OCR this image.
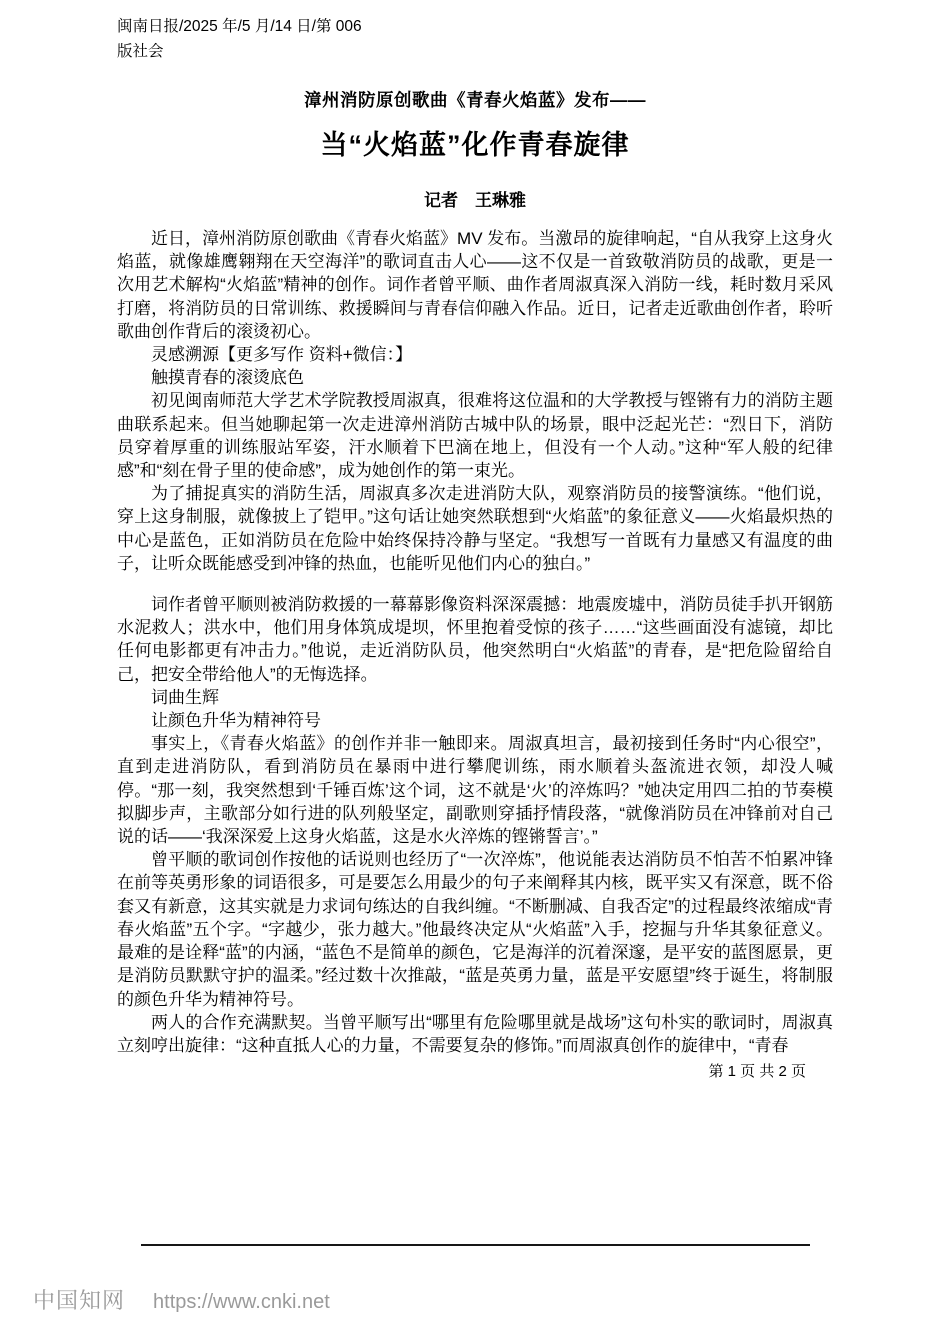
闽南日报/2025 年/5 月/14 日/第 006
版社会
漳州消防原创歌曲《青春火焰蓝》发布——
当“火焰蓝”化作青春旋律
记者　王琳雅

近日，漳州消防原创歌曲《青春火焰蓝》MV 发布。当激昂的旋律响起，“自从我穿上这身火焰蓝，就像雄鹰翱翔在天空海洋”的歌词直击人心——这不仅是一首致敬消防员的战歌，更是一次用艺术解构“火焰蓝”精神的创作。词作者曾平顺、曲作者周淑真深入消防一线，耗时数月采风打磨，将消防员的日常训练、救援瞬间与青春信仰融入作品。近日，记者走近歌曲创作者，聆听歌曲创作背后的滚烫初心。

灵感溯源【更多写作 资料+微信：】

触摸青春的滚烫底色

初见闽南师范大学艺术学院教授周淑真，很难将这位温和的大学教授与铿锵有力的消防主题曲联系起来。但当她聊起第一次走进漳州消防古城中队的场景，眼中泛起光芒：“烈日下，消防员穿着厚重的训练服站军姿，汗水顺着下巴滴在地上，但没有一个人动。”这种“军人般的纪律感”和“刻在骨子里的使命感”，成为她创作的第一束光。

为了捕捉真实的消防生活，周淑真多次走进消防大队，观察消防员的接警演练。“他们说，穿上这身制服，就像披上了铠甲。”这句话让她突然联想到“火焰蓝”的象征意义——火焰最炽热的中心是蓝色，正如消防员在危险中始终保持冷静与坚定。“我想写一首既有力量感又有温度的曲子，让听众既能感受到冲锋的热血，也能听见他们内心的独白。”

词作者曾平顺则被消防救援的一幕幕影像资料深深震撼：地震废墟中，消防员徒手扒开钢筋水泥救人；洪水中，他们用身体筑成堤坝，怀里抱着受惊的孩子……“这些画面没有滤镜，却比任何电影都更有冲击力。”他说，走近消防队员，他突然明白“火焰蓝”的青春，是“把危险留给自己，把安全带给他人”的无悔选择。

词曲生辉

让颜色升华为精神符号

事实上，《青春火焰蓝》的创作并非一触即来。周淑真坦言，最初接到任务时“内心很空”，直到走进消防队，看到消防员在暴雨中进行攀爬训练，雨水顺着头盔流进衣领，却没人喊停。“那一刻，我突然想到‘千锤百炼’这个词，这不就是‘火’的淬炼吗？”她决定用四二拍的节奏模拟脚步声，主歌部分如行进的队列般坚定，副歌则穿插抒情段落，“就像消防员在冲锋前对自己说的话——‘我深深爱上这身火焰蓝，这是水火淬炼的铿锵誓言’。”

曾平顺的歌词创作按他的话说则也经历了“一次淬炼”，他说能表达消防员不怕苦不怕累冲锋在前等英勇形象的词语很多，可是要怎么用最少的句子来阐释其内核，既平实又有深意，既不俗套又有新意，这其实就是力求词句练达的自我纠缠。“不断删减、自我否定”的过程最终浓缩成“青春火焰蓝”五个字。“字越少，张力越大。”他最终决定从“火焰蓝”入手，挖掘与升华其象征意义。最难的是诠释“蓝”的内涵，“蓝色不是简单的颜色，它是海洋的沉着深邃，是平安的蓝图愿景，更是消防员默默守护的温柔。”经过数十次推敲，“蓝是英勇力量，蓝是平安愿望”终于诞生，将制服的颜色升华为精神符号。

两人的合作充满默契。当曾平顺写出“哪里有危险哪里就是战场”这句朴实的歌词时，周淑真立刻哼出旋律：“这种直抵人心的力量，不需要复杂的修饰。”而周淑真创作的旋律中，“青春

第 1 页 共 2 页
中国知网 https://www.cnki.net
